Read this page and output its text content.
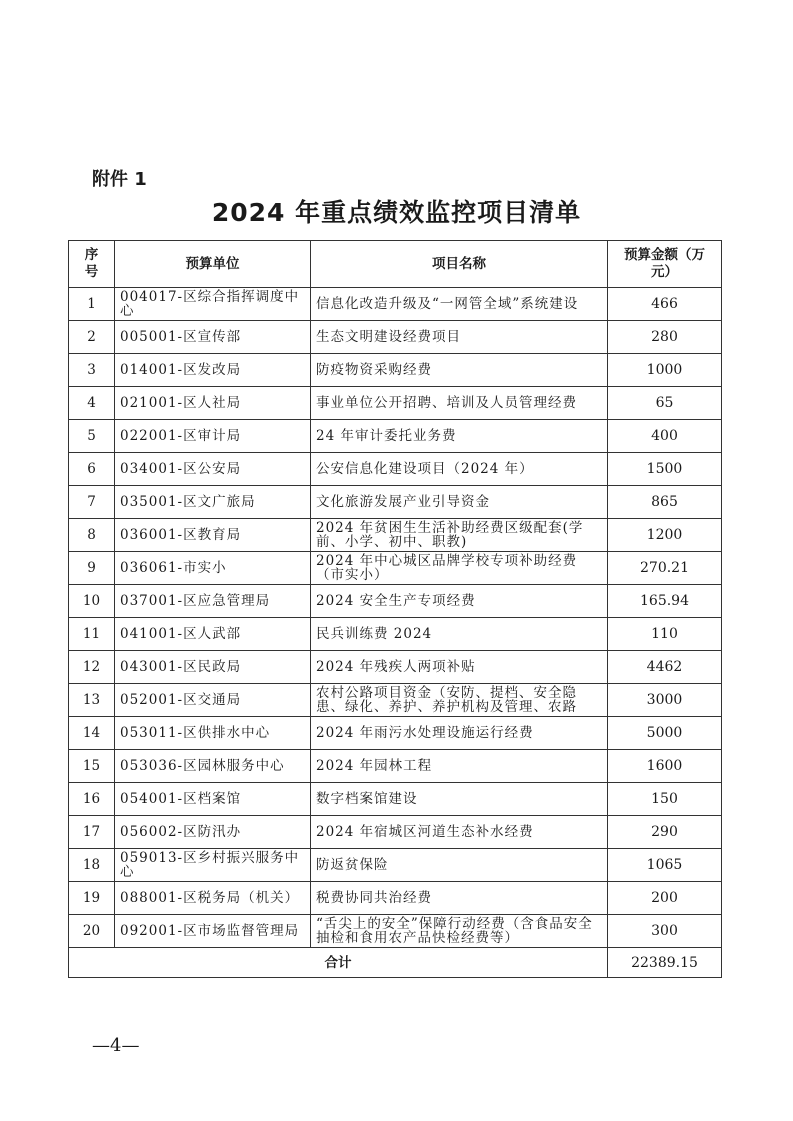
附件 1
2024 年重点绩效监控项目清单
序号	预算单位	项目名称	预算金额（万元）
1	004017-区综合指挥调度中心	信息化改造升级及“一网管全域”系统建设	466
2	005001-区宣传部	生态文明建设经费项目	280
3	014001-区发改局	防疫物资采购经费	1000
4	021001-区人社局	事业单位公开招聘、培训及人员管理经费	65
5	022001-区审计局	24 年审计委托业务费	400
6	034001-区公安局	公安信息化建设项目（2024 年）	1500
7	035001-区文广旅局	文化旅游发展产业引导资金	865
8	036001-区教育局	2024 年贫困生生活补助经费区级配套(学前、小学、初中、职教)	1200
9	036061-市实小	2024 年中心城区品牌学校专项补助经费（市实小）	270.21
10	037001-区应急管理局	2024 安全生产专项经费	165.94
11	041001-区人武部	民兵训练费 2024	110
12	043001-区民政局	2024 年残疾人两项补贴	4462
13	052001-区交通局	农村公路项目资金（安防、提档、安全隐患、绿化、养护、养护机构及管理、农路	3000
14	053011-区供排水中心	2024 年雨污水处理设施运行经费	5000
15	053036-区园林服务中心	2024 年园林工程	1600
16	054001-区档案馆	数字档案馆建设	150
17	056002-区防汛办	2024 年宿城区河道生态补水经费	290
18	059013-区乡村振兴服务中心	防返贫保险	1065
19	088001-区税务局（机关）	税费协同共治经费	200
20	092001-区市场监督管理局	“舌尖上的安全”保障行动经费（含食品安全抽检和食用农产品快检经费等）	300
合计			22389.15
—4—
